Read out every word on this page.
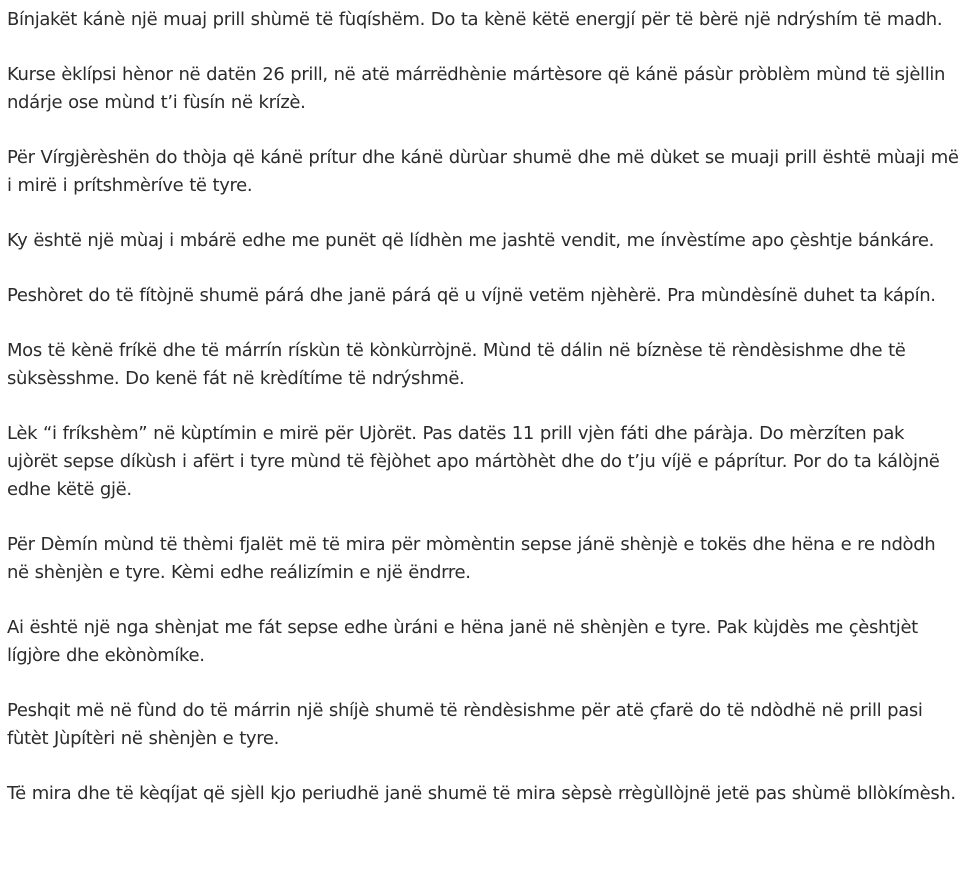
Bínjakët kánè një muaj prill shùmë të fùqíshëm. Do ta kènë këtë energjí për të bèrë një ndrýshím të madh.

Kurse èklípsi hènor në datën 26 prill, në atë márrëdhènie mártèsore që kánë pásùr pròblèm mùnd të sjèllin ndárje ose mùnd t’i fùsín në krízè.

Për Vírgjèrèshën do thòja që kánë prítur dhe kánë dùrùar shumë dhe më dùket se muaji prill është mùaji më i mirë i prítshmèríve të tyre.

Ky është një mùaj i mbárë edhe me punët që lídhèn me jashtë vendit, me ínvèstíme apo çèshtje bánkáre.

Peshòret do të fítòjnë shumë párá dhe janë párá që u víjnë vetëm njèhèrë. Pra mùndèsínë duhet ta kápín.

Mos të kènë fríkë dhe të márrín rískùn të kònkùrròjnë. Mùnd të dálin në bíznèse të rèndèsishme dhe të sùksèsshme. Do kenë fát në krèdítíme të ndrýshmë.

Lèk “i fríkshèm” në kùptímin e mirë për Ujòrët. Pas datës 11 prill vjèn fáti dhe páràja. Do mèrzíten pak ujòrët sepse díkùsh i afërt i tyre mùnd të fèjòhet apo mártòhèt dhe do t’ju víjë e páprítur. Por do ta kálòjnë edhe këtë gjë.

Për Dèmín mùnd të thèmi fjalët më të mira për mòmèntin sepse jánë shènjè e tokës dhe hëna e re ndòdh në shènjèn e tyre. Kèmi edhe reálizímin e një ëndrre.

Ai është një nga shènjat me fát sepse edhe ùráni e hëna janë në shènjèn e tyre. Pak kùjdès me çèshtjèt lígjòre dhe ekònòmíke.

Peshqit më në fùnd do të márrin një shíjè shumë të rèndèsishme për atë çfarë do të ndòdhë në prill pasi fùtèt Jùpítèri në shènjèn e tyre.

Të mira dhe të kèqíjat që sjèll kjo periudhë janë shumë të mira sèpsè rrègùllòjnë jetë pas shùmë bllòkímèsh.
